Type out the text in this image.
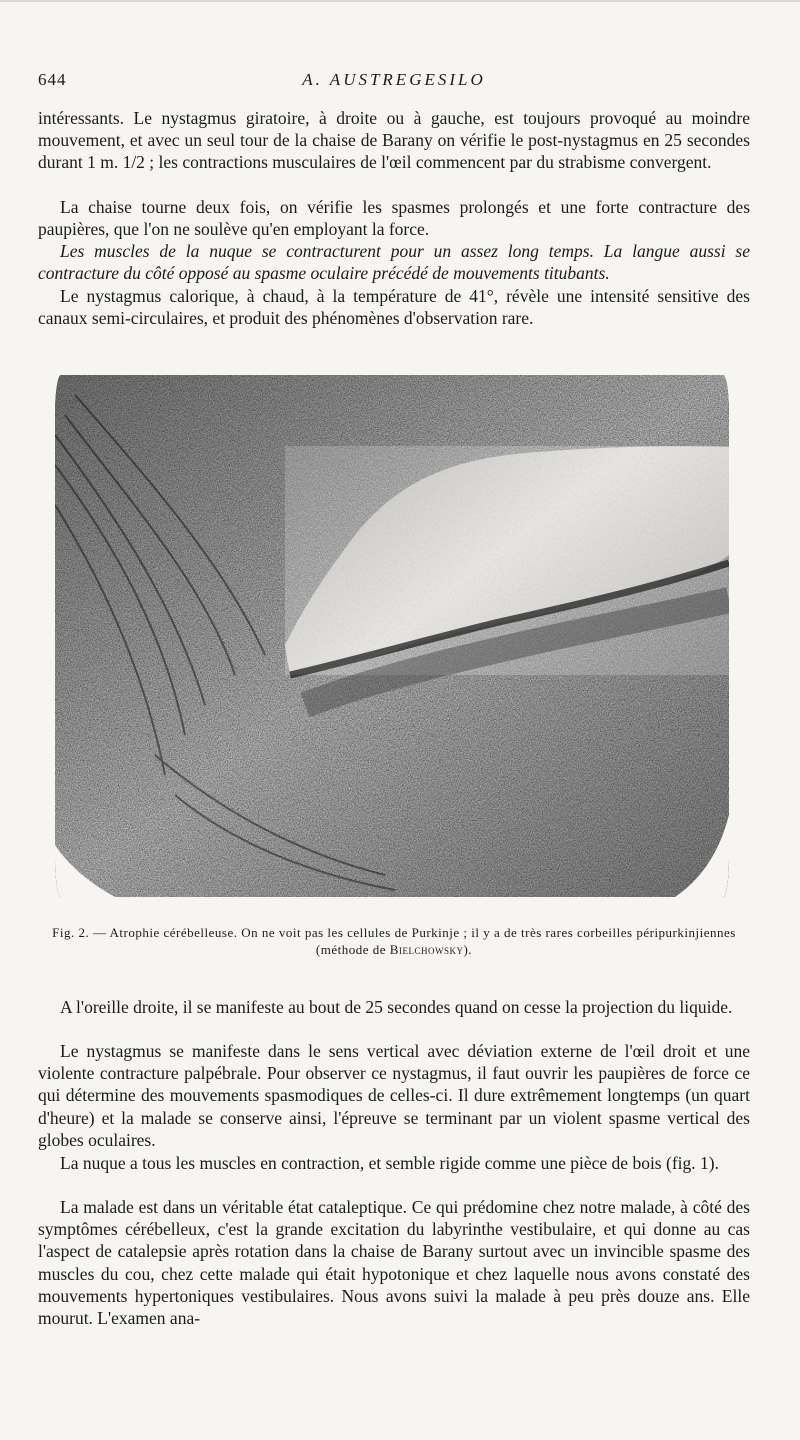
644	A. AUSTREGESILO

intéressants. Le nystagmus giratoire, à droite ou à gauche, est toujours provoqué au moindre mouvement, et avec un seul tour de la chaise de Barany on vérifie le post-nystagmus en 25 secondes durant 1 m. 1/2 ; les contractions musculaires de l'œil commencent par du strabisme convergent.

La chaise tourne deux fois, on vérifie les spasmes prolongés et une forte contracture des paupières, que l'on ne soulève qu'en employant la force.

Les muscles de la nuque se contracturent pour un assez long temps. La langue aussi se contracture du côté opposé au spasme oculaire précédé de mouvements titubants.

Le nystagmus calorique, à chaud, à la température de 41°, révèle une intensité sensitive des canaux semi-circulaires, et produit des phénomènes d'observation rare.

Fig. 2. — Atrophie cérébelleuse. On ne voit pas les cellules de Purkinje ; il y a de très rares corbeilles péripurkinjiennes (méthode de Bielchowsky).

A l'oreille droite, il se manifeste au bout de 25 secondes quand on cesse la projection du liquide.

Le nystagmus se manifeste dans le sens vertical avec déviation externe de l'œil droit et une violente contracture palpébrale. Pour observer ce nystagmus, il faut ouvrir les paupières de force ce qui détermine des mouvements spasmodiques de celles-ci. Il dure extrêmement longtemps (un quart d'heure) et la malade se conserve ainsi, l'épreuve se terminant par un violent spasme vertical des globes oculaires.

La nuque a tous les muscles en contraction, et semble rigide comme une pièce de bois (fig. 1).

La malade est dans un véritable état cataleptique. Ce qui prédomine chez notre malade, à côté des symptômes cérébelleux, c'est la grande excitation du labyrinthe vestibulaire, et qui donne au cas l'aspect de catalepsie après rotation dans la chaise de Barany surtout avec un invincible spasme des muscles du cou, chez cette malade qui était hypotonique et chez laquelle nous avons constaté des mouvements hypertoniques vestibulaires. Nous avons suivi la malade à peu près douze ans. Elle mourut. L'examen ana-
